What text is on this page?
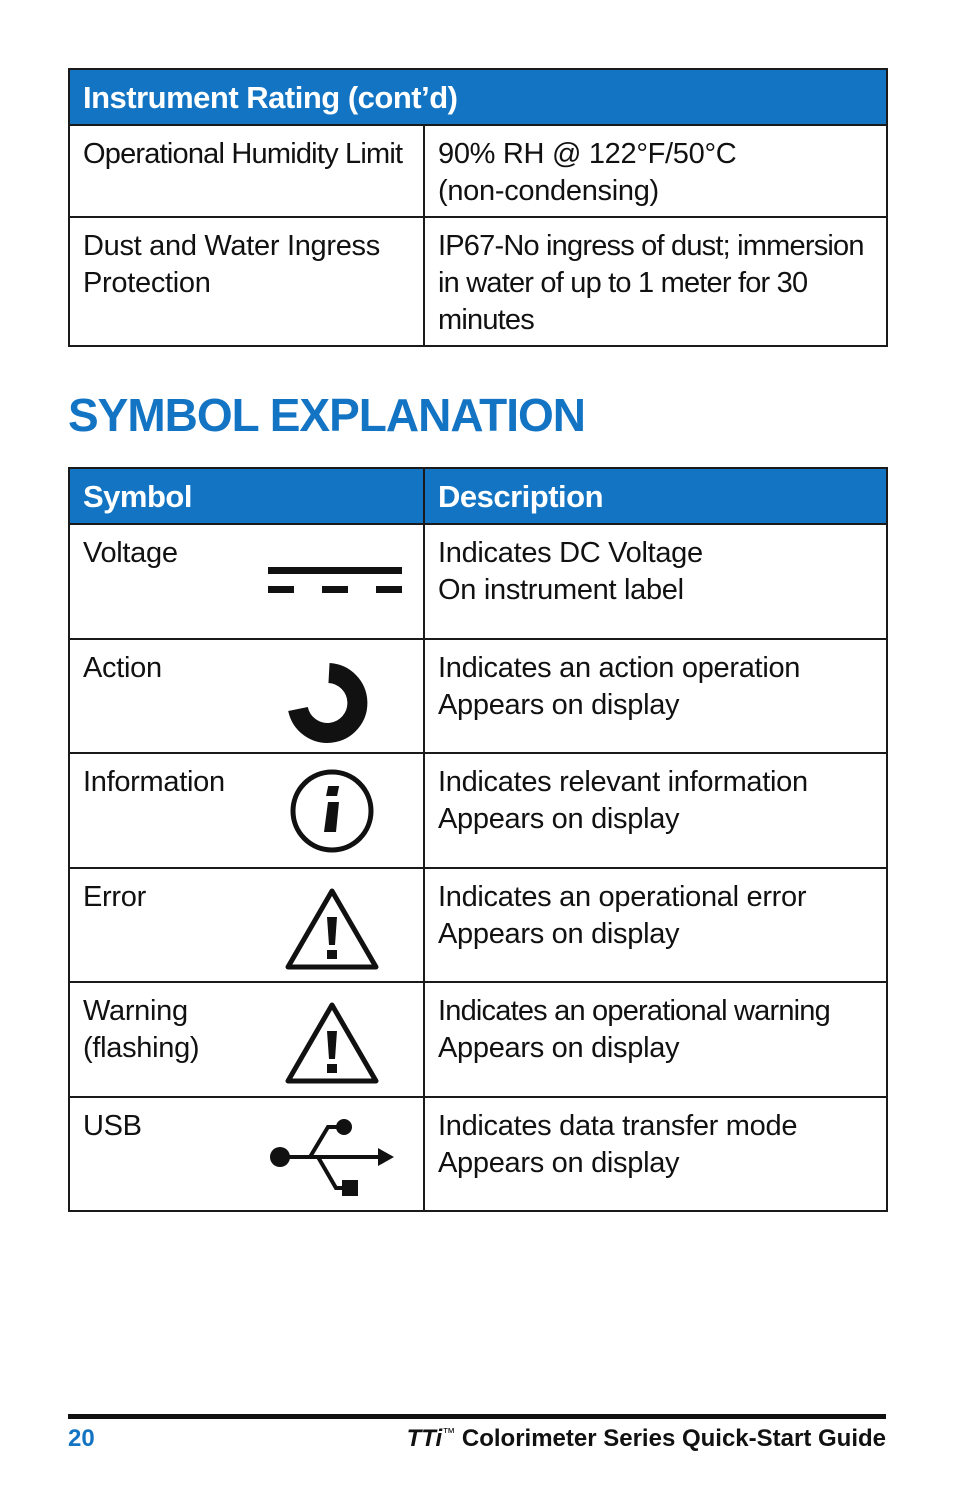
Instrument Rating (cont’d)	
Operational Humidity Limit	90% RH @ 122°F/50°C
(non-condensing)

Dust and Water Ingress
Protection	IP67-No ingress of dust; immersion
in water of up to 1 meter for 30
minutes
SYMBOL EXPLANATION
Symbol	Description

Voltage	Indicates DC Voltage
On instrument label

Action	Indicates an action operation
Appears on display

Information	Indicates relevant information
Appears on display

Error	Indicates an operational error
Appears on display

Warning
(flashing)	Indicates an operational warning
Appears on display

USB	Indicates data transfer mode
Appears on display
20	TTi™ Colorimeter Series Quick-Start Guide
